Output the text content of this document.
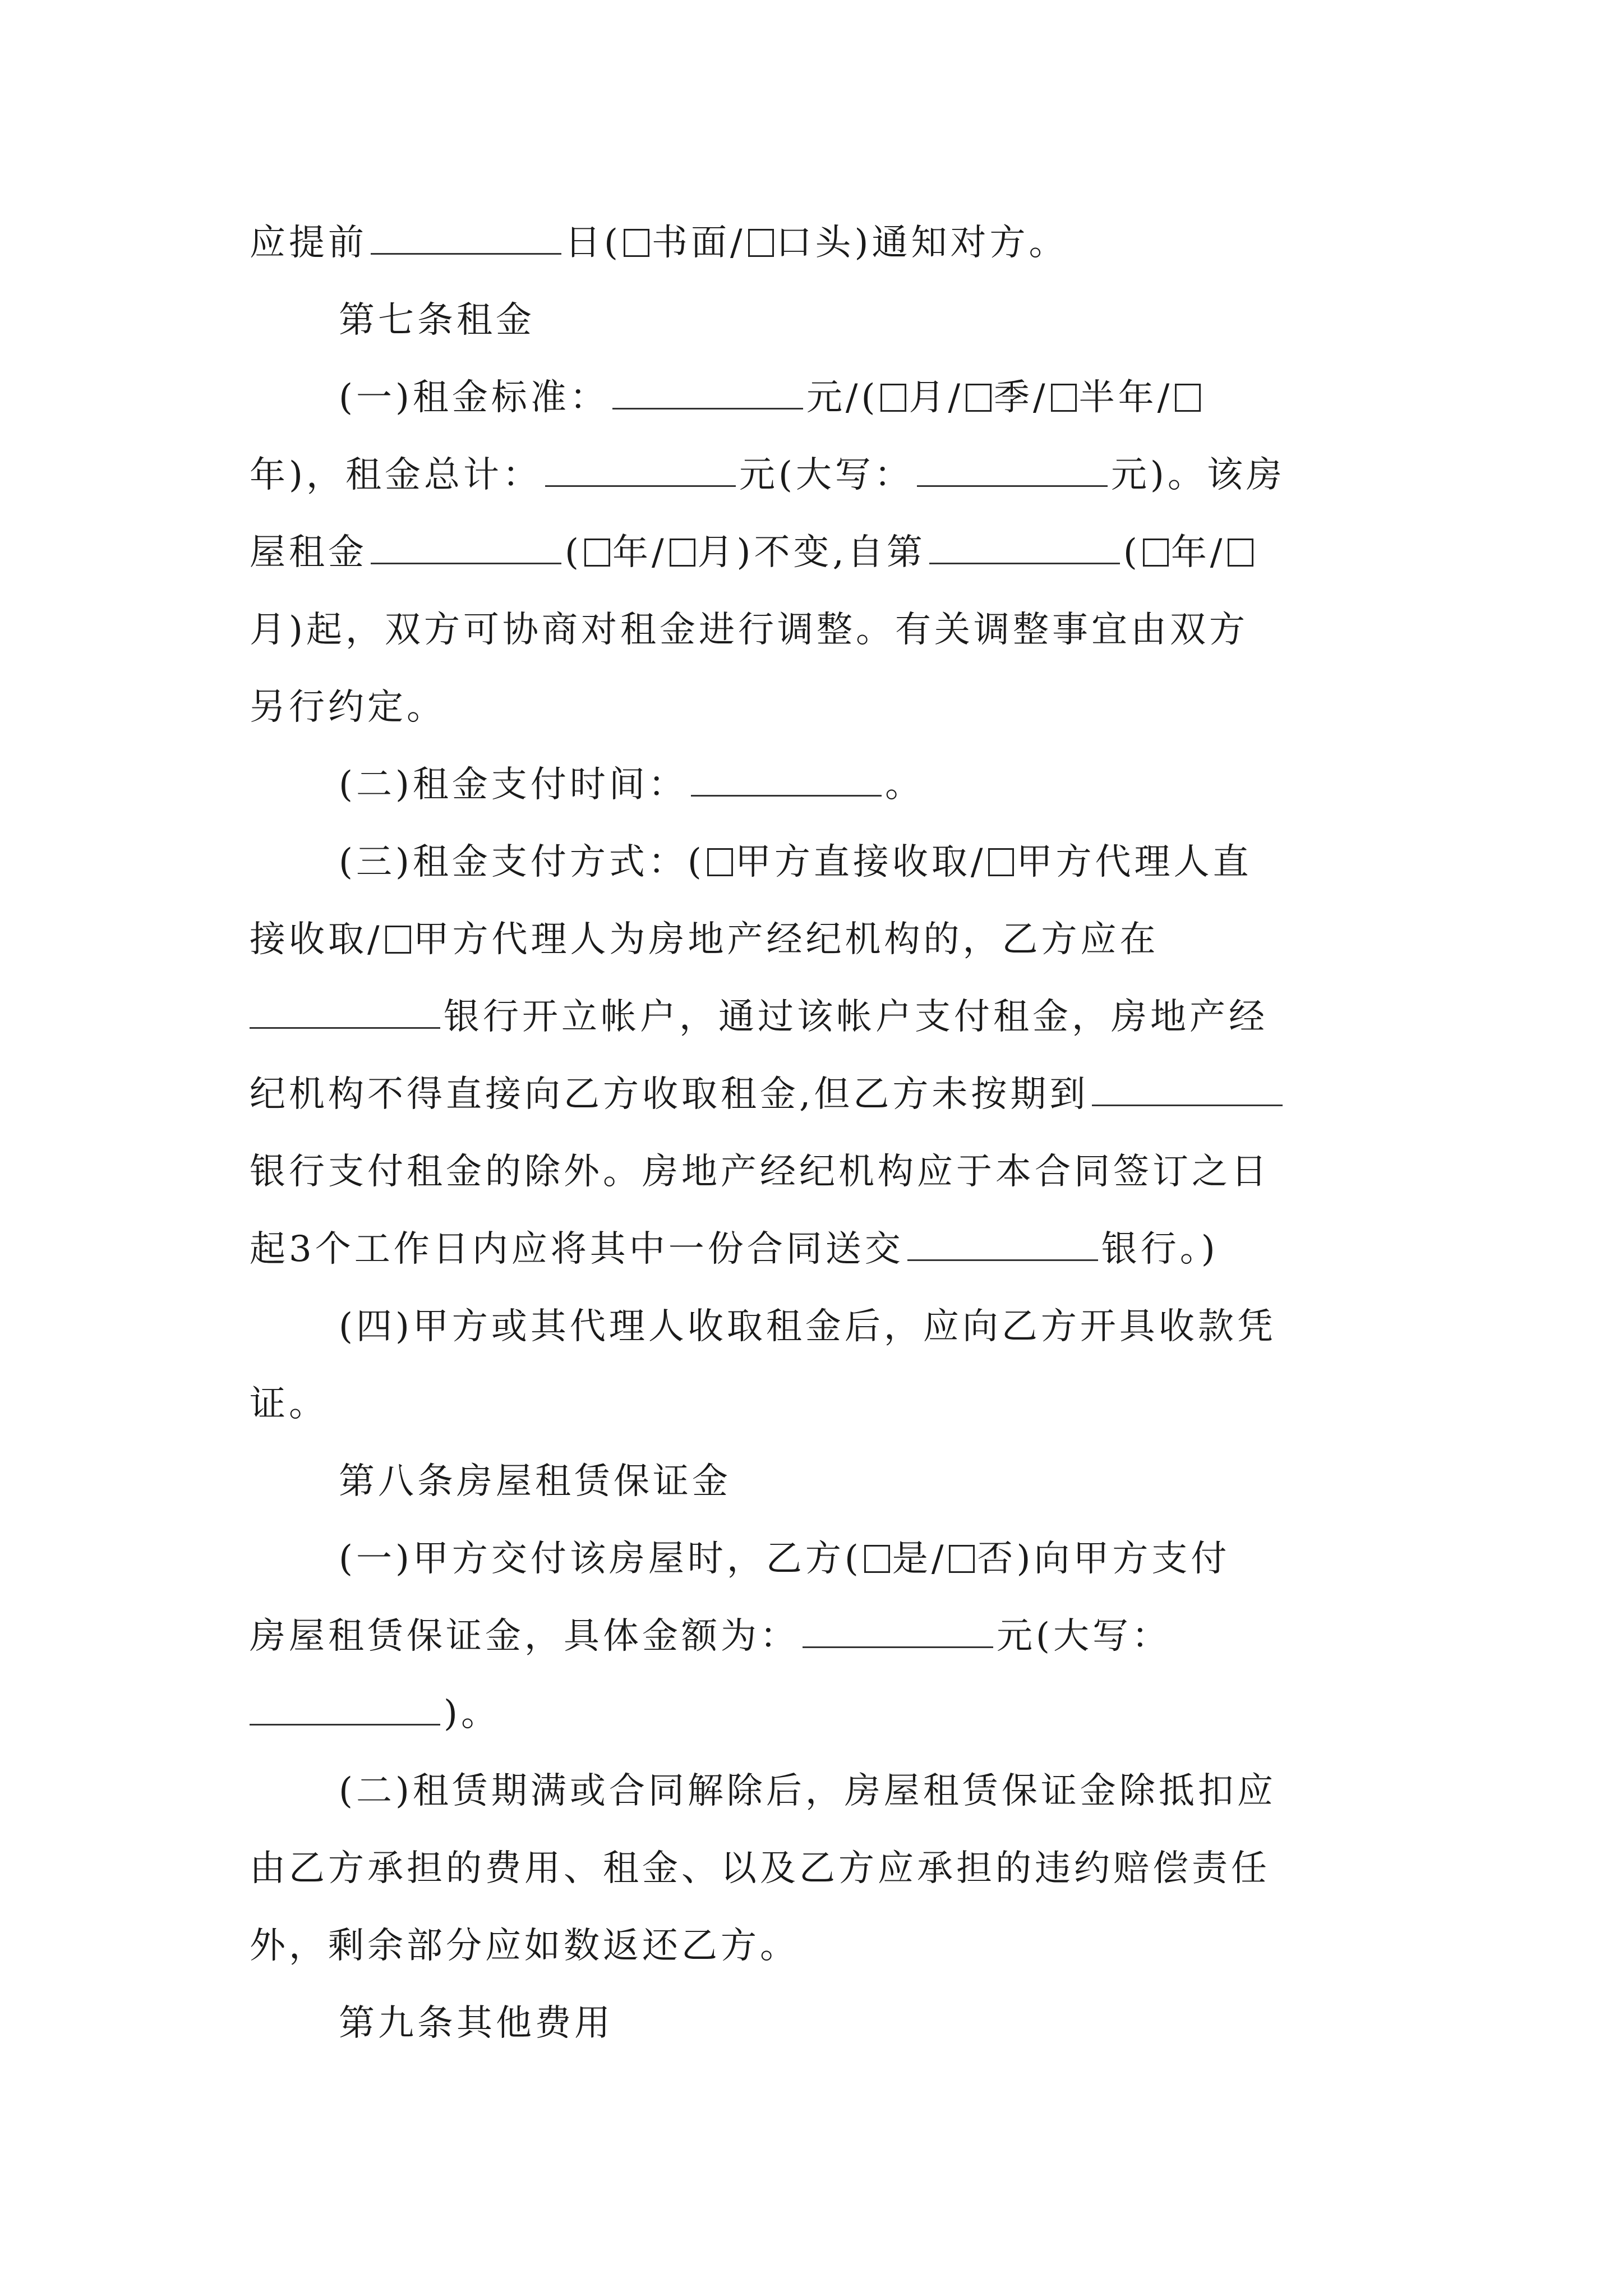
应提前	日( 书面/ 口头)通知对方。
第七条租金
(一)租金标准：	元/( 月/ 季/ 半年/
年)，租金总计：	元(大写：	元)。该房
屋租金	( 年/ 月)不变,自第	( 年/
月)起，双方可协商对租金进行调整。有关调整事宜由双方
另行约定。
(二)租金支付时间：	。
(三)租金支付方式：( 甲方直接收取/ 甲方代理人直
接收取/ 甲方代理人为房地产经纪机构的，乙方应在
银行开立帐户，通过该帐户支付租金，房地产经
纪机构不得直接向乙方收取租金,但乙方未按期到
银行支付租金的除外。房地产经纪机构应于本合同签订之日
起3个工作日内应将其中一份合同送交	银行。)
(四)甲方或其代理人收取租金后，应向乙方开具收款凭
证。
第八条房屋租赁保证金
(一)甲方交付该房屋时，乙方( 是/ 否)向甲方支付
房屋租赁保证金，具体金额为：	元(大写：
)。
(二)租赁期满或合同解除后，房屋租赁保证金除抵扣应
由乙方承担的费用、租金、以及乙方应承担的违约赔偿责任
外，剩余部分应如数返还乙方。
第九条其他费用
